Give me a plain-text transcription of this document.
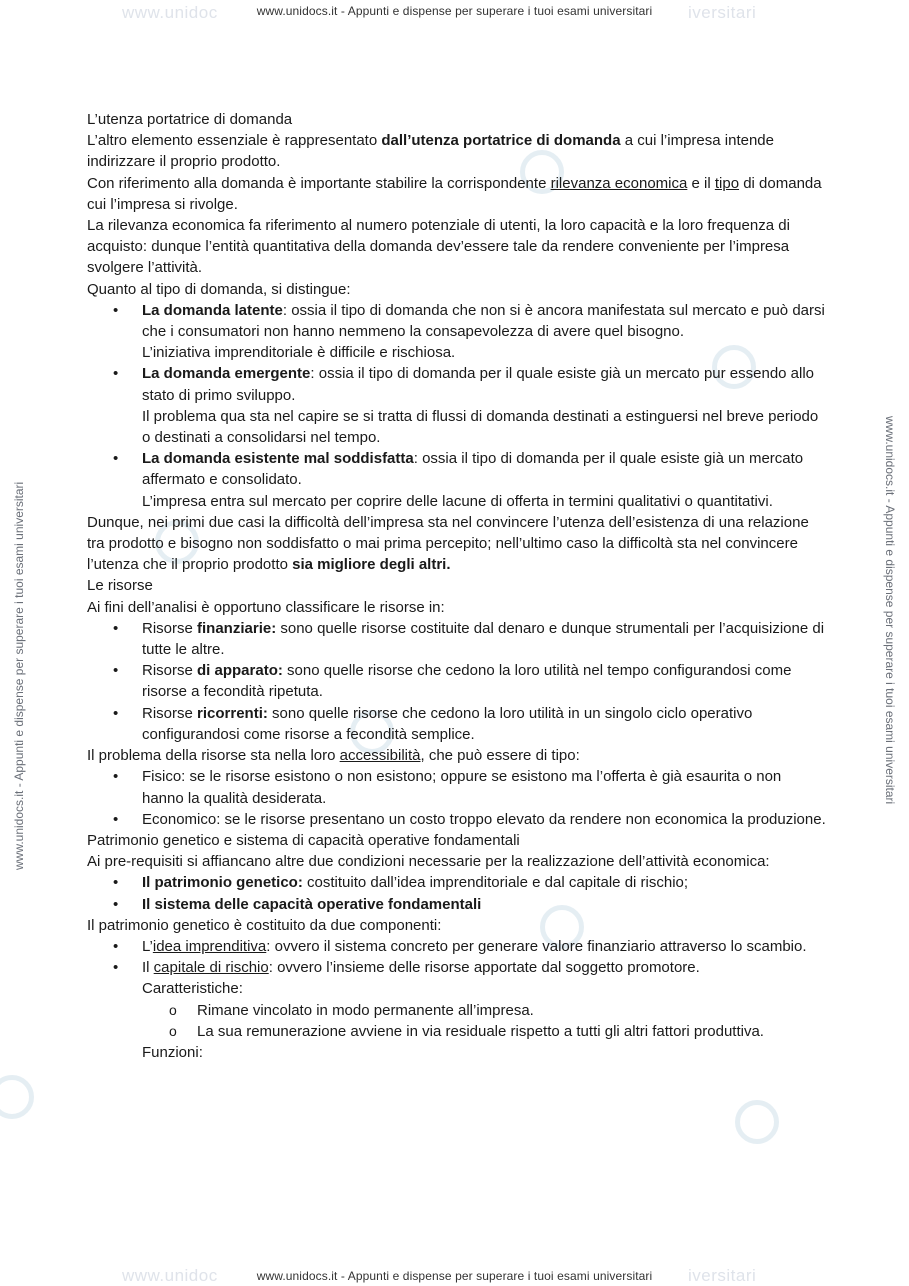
www.unidoc	iversitari
www.unidocs.it - Appunti e dispense per superare i tuoi esami universitari
www.unidocs.it - Appunti e dispense per superare i tuoi esami universitari	www.unidocs.it - Appunti e dispense per superare i tuoi esami universitari

L’utenza portatrice di domanda

L’altro elemento essenziale è rappresentato dall’utenza portatrice di domanda a cui l’impresa intende indirizzare il proprio prodotto.

Con riferimento alla domanda è importante stabilire la corrispondente rilevanza economica e il tipo di domanda cui l’impresa si rivolge.

La rilevanza economica fa riferimento al numero potenziale di utenti, la loro capacità e la loro frequenza di acquisto: dunque l’entità quantitativa della domanda dev’essere tale da rendere conveniente per l’impresa svolgere l’attività.

Quanto al tipo di domanda, si distingue:

• La domanda latente: ossia il tipo di domanda che non si è ancora manifestata sul mercato e può darsi che i consumatori non hanno nemmeno la consapevolezza di avere quel bisogno.
L’iniziativa imprenditoriale è difficile e rischiosa.
• La domanda emergente: ossia il tipo di domanda per il quale esiste già un mercato pur essendo allo stato di primo sviluppo.
Il problema qua sta nel capire se si tratta di flussi di domanda destinati a estinguersi nel breve periodo o destinati a consolidarsi nel tempo.
• La domanda esistente mal soddisfatta: ossia il tipo di domanda per il quale esiste già un mercato affermato e consolidato.
L’impresa entra sul mercato per coprire delle lacune di offerta in termini qualitativi o quantitativi.

Dunque, nei primi due casi la difficoltà dell’impresa sta nel convincere l’utenza dell’esistenza di una relazione tra prodotto e bisogno non soddisfatto o mai prima percepito; nell’ultimo caso la difficoltà sta nel convincere l’utenza che il proprio prodotto sia migliore degli altri.

Le risorse

Ai fini dell’analisi è opportuno classificare le risorse in:

• Risorse finanziarie: sono quelle risorse costituite dal denaro e dunque strumentali per l’acquisizione di tutte le altre.
• Risorse di apparato: sono quelle risorse che cedono la loro utilità nel tempo configurandosi come risorse a fecondità ripetuta.
• Risorse ricorrenti: sono quelle risorse che cedono la loro utilità in un singolo ciclo operativo configurandosi come risorse a fecondità semplice.

Il problema della risorse sta nella loro accessibilità, che può essere di tipo:

• Fisico: se le risorse esistono o non esistono; oppure se esistono ma l’offerta è già esaurita o non hanno la qualità desiderata.
• Economico: se le risorse presentano un costo troppo elevato da rendere non economica la produzione.

Patrimonio genetico e sistema di capacità operative fondamentali

Ai pre-requisiti si affiancano altre due condizioni necessarie per la realizzazione dell’attività economica:

• Il patrimonio genetico: costituito dall’idea imprenditoriale e dal capitale di rischio;
• Il sistema delle capacità operative fondamentali

Il patrimonio genetico è costituito da due componenti:

• L’idea imprenditiva: ovvero il sistema concreto per generare valore finanziario attraverso lo scambio.
• Il capitale di rischio: ovvero l’insieme delle risorse apportate dal soggetto promotore.
Caratteristiche:
o Rimane vincolato in modo permanente all’impresa.
o La sua remunerazione avviene in via residuale rispetto a tutti gli altri fattori produttiva.

Funzioni:

www.unidoc	iversitari
www.unidocs.it - Appunti e dispense per superare i tuoi esami universitari
